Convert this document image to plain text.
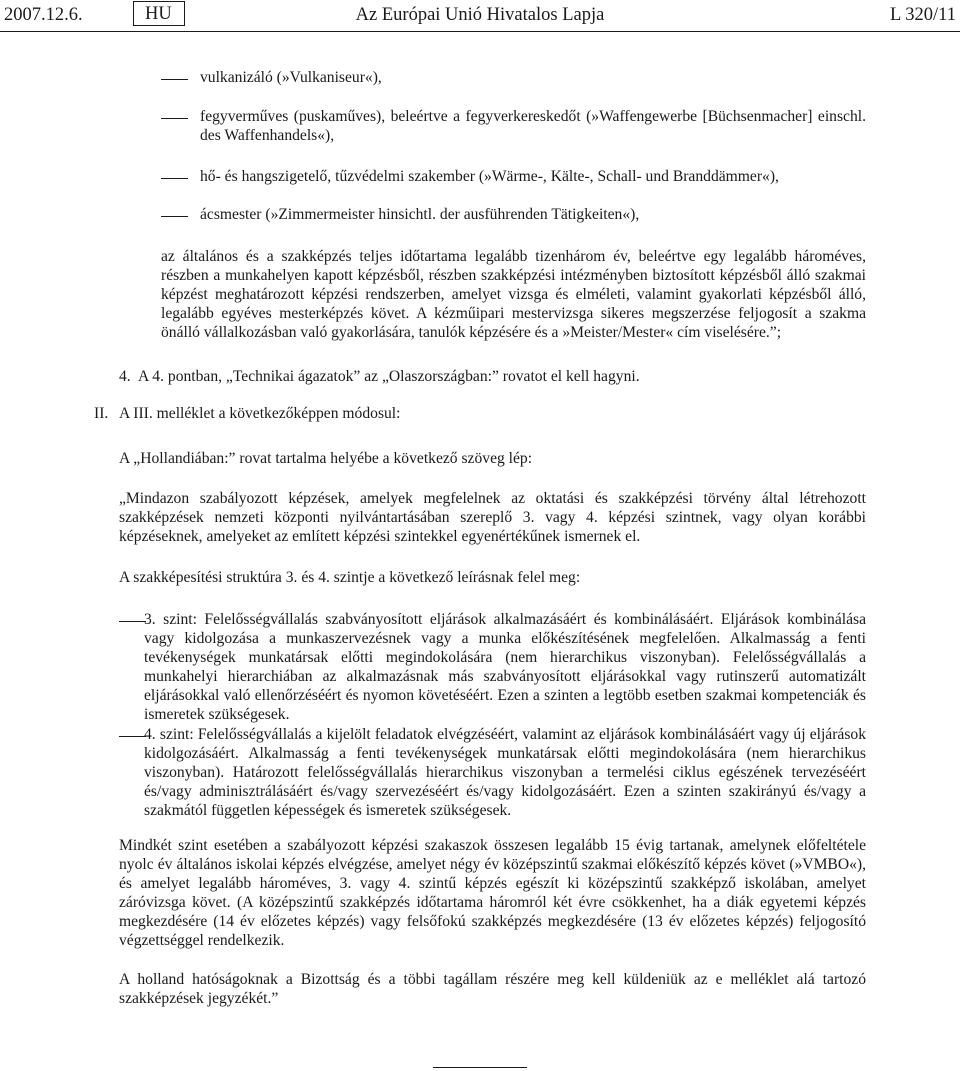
2007.12.6.	HU	Az Európai Unió Hivatalos Lapja	L 320/11
vulkanizáló (»Vulkaniseur«),
fegyverműves (puskaműves), beleértve a fegyverkereskedőt (»Waffengewerbe [Büchsenmacher] einschl. des Waffenhandels«),
hő- és hangszigetelő, tűzvédelmi szakember (»Wärme-, Kälte-, Schall- und Branddämmer«),
ácsmester (»Zimmermeister hinsichtl. der ausführenden Tätigkeiten«),
az általános és a szakképzés teljes időtartama legalább tizenhárom év, beleértve egy legalább hároméves, részben a munkahelyen kapott képzésből, részben szakképzési intézményben biztosított képzésből álló szakmai képzést meghatározott képzési rendszerben, amelyet vizsga és elméleti, valamint gyakorlati képzésből álló, legalább egyéves mesterképzés követ. A kézműipari mestervizsga sikeres megszerzése feljogosít a szakma önálló vállalkozásban való gyakorlására, tanulók képzésére és a »Meister/Mester« cím viselésére.”;
4. A 4. pontban, „Technikai ágazatok” az „Olaszországban:” rovatot el kell hagyni.
II. A III. melléklet a következőképpen módosul:
A „Hollandiában:” rovat tartalma helyébe a következő szöveg lép:
„Mindazon szabályozott képzések, amelyek megfelelnek az oktatási és szakképzési törvény által létrehozott szakképzések nemzeti központi nyilvántartásában szereplő 3. vagy 4. képzési szintnek, vagy olyan korábbi képzéseknek, amelyeket az említett képzési szintekkel egyenértékűnek ismernek el.
A szakképesítési struktúra 3. és 4. szintje a következő leírásnak felel meg:
3. szint: Felelősségvállalás szabványosított eljárások alkalmazásáért és kombinálásáért. Eljárások kombinálása vagy kidolgozása a munkaszervezésnek vagy a munka előkészítésének megfelelően. Alkalmasság a fenti tevékenységek munkatársak előtti megindokolására (nem hierarchikus viszonyban). Felelősségvállalás a munkahelyi hierarchiában az alkalmazásnak más szabványosított eljárásokkal vagy rutinszerű automatizált eljárásokkal való ellenőrzéséért és nyomon követéséért. Ezen a szinten a legtöbb esetben szakmai kompetenciák és ismeretek szükségesek.
4. szint: Felelősségvállalás a kijelölt feladatok elvégzéséért, valamint az eljárások kombinálásáért vagy új eljárások kidolgozásáért. Alkalmasság a fenti tevékenységek munkatársak előtti megindokolására (nem hierarchikus viszonyban). Határozott felelősségvállalás hierarchikus viszonyban a termelési ciklus egészének tervezéséért és/vagy adminisztrálásáért és/vagy szervezéséért és/vagy kidolgozásáért. Ezen a szinten szakirányú és/vagy a szakmától független képességek és ismeretek szükségesek.
Mindkét szint esetében a szabályozott képzési szakaszok összesen legalább 15 évig tartanak, amelynek előfeltétele nyolc év általános iskolai képzés elvégzése, amelyet négy év középszintű szakmai előkészítő képzés követ (»VMBO«), és amelyet legalább hároméves, 3. vagy 4. szintű képzés egészít ki középszintű szakképző iskolában, amelyet záróvizsga követ. (A középszintű szakképzés időtartama háromról két évre csökkenhet, ha a diák egyetemi képzés megkezdésére (14 év előzetes képzés) vagy felsőfokú szakképzés megkezdésére (13 év előzetes képzés) feljogosító végzettséggel rendelkezik.
A holland hatóságoknak a Bizottság és a többi tagállam részére meg kell küldeniük az e melléklet alá tartozó szakképzések jegyzékét.”
